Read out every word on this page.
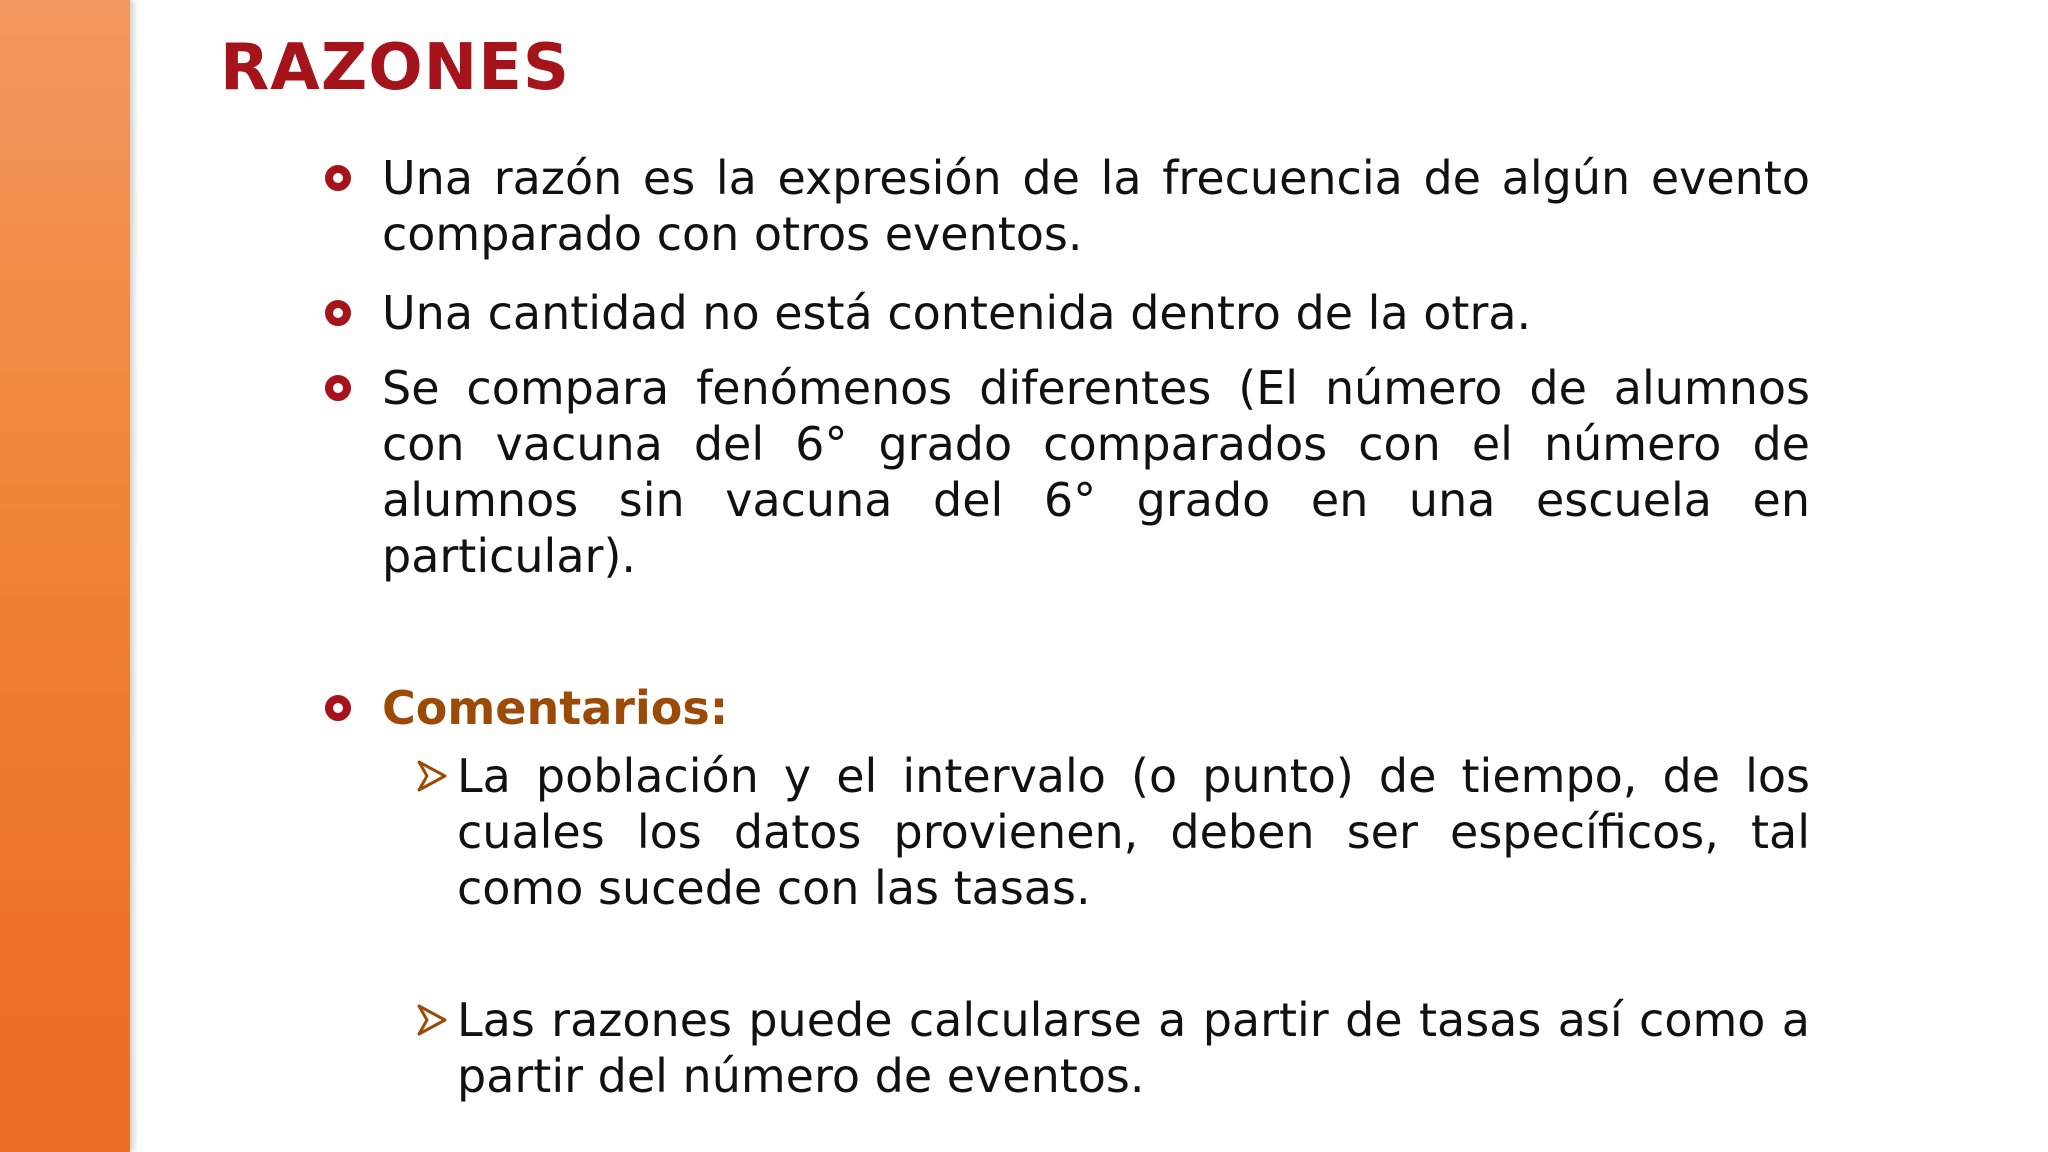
RAZONES
Una razón es la expresión de la frecuencia de algún evento comparado con otros eventos.
Una cantidad no está contenida dentro de la otra.
Se compara fenómenos diferentes (El número de alumnos con vacuna del 6° grado comparados con el número de alumnos sin vacuna del 6° grado en una escuela en particular).
Comentarios:
La población y el intervalo (o punto) de tiempo, de los cuales los datos provienen, deben ser específicos, tal como sucede con las tasas.
Las razones puede calcularse a partir de tasas así como a partir del número de eventos.
